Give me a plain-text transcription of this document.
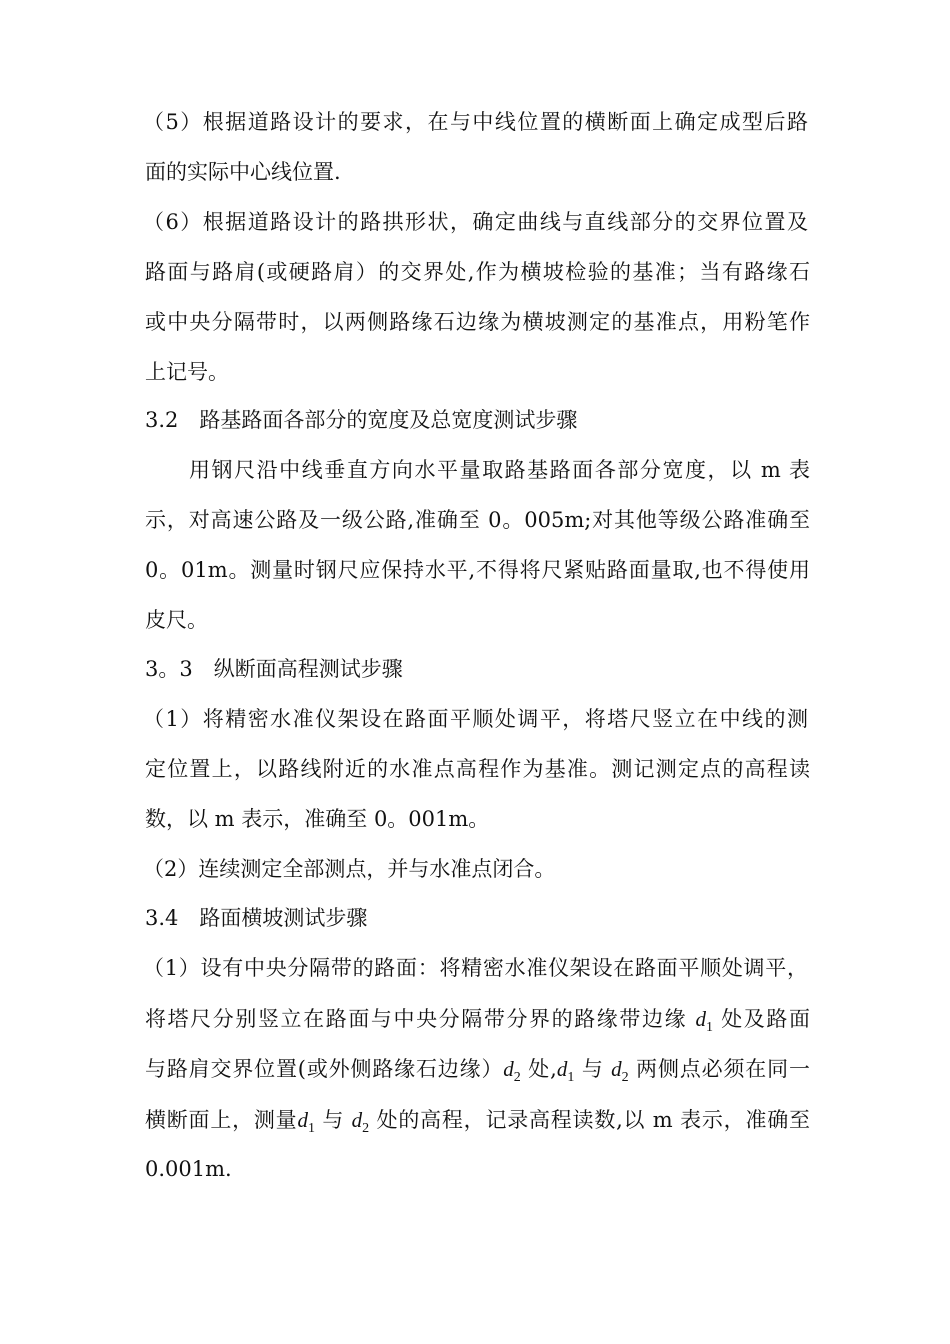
（5）根据道路设计的要求，在与中线位置的横断面上确定成型后路

面的实际中心线位置.

（6）根据道路设计的路拱形状，确定曲线与直线部分的交界位置及

路面与路肩(或硬路肩）的交界处,作为横坡检验的基准；当有路缘石

或中央分隔带时，以两侧路缘石边缘为横坡测定的基准点，用粉笔作

上记号。

3.2　路基路面各部分的宽度及总宽度测试步骤

用钢尺沿中线垂直方向水平量取路基路面各部分宽度，以 m 表

示，对高速公路及一级公路,准确至 0。005m;对其他等级公路准确至

0。01m。测量时钢尺应保持水平,不得将尺紧贴路面量取,也不得使用

皮尺。

3。3　纵断面高程测试步骤

（1）将精密水准仪架设在路面平顺处调平，将塔尺竖立在中线的测

定位置上，以路线附近的水准点高程作为基准。测记测定点的高程读

数，以 m 表示，准确至 0。001m。

（2）连续测定全部测点，并与水准点闭合。

3.4　路面横坡测试步骤

（1）设有中央分隔带的路面：将精密水准仪架设在路面平顺处调平，

将塔尺分别竖立在路面与中央分隔带分界的路缘带边缘 $d_1$ 处及路面

与路肩交界位置(或外侧路缘石边缘）$d_2$ 处$,d_1$ 与 $d_2$ 两侧点必须在同一

横断面上，测量$d_1$ 与 $d_2$ 处的高程，记录高程读数,以 m 表示，准确至

0.001m.
